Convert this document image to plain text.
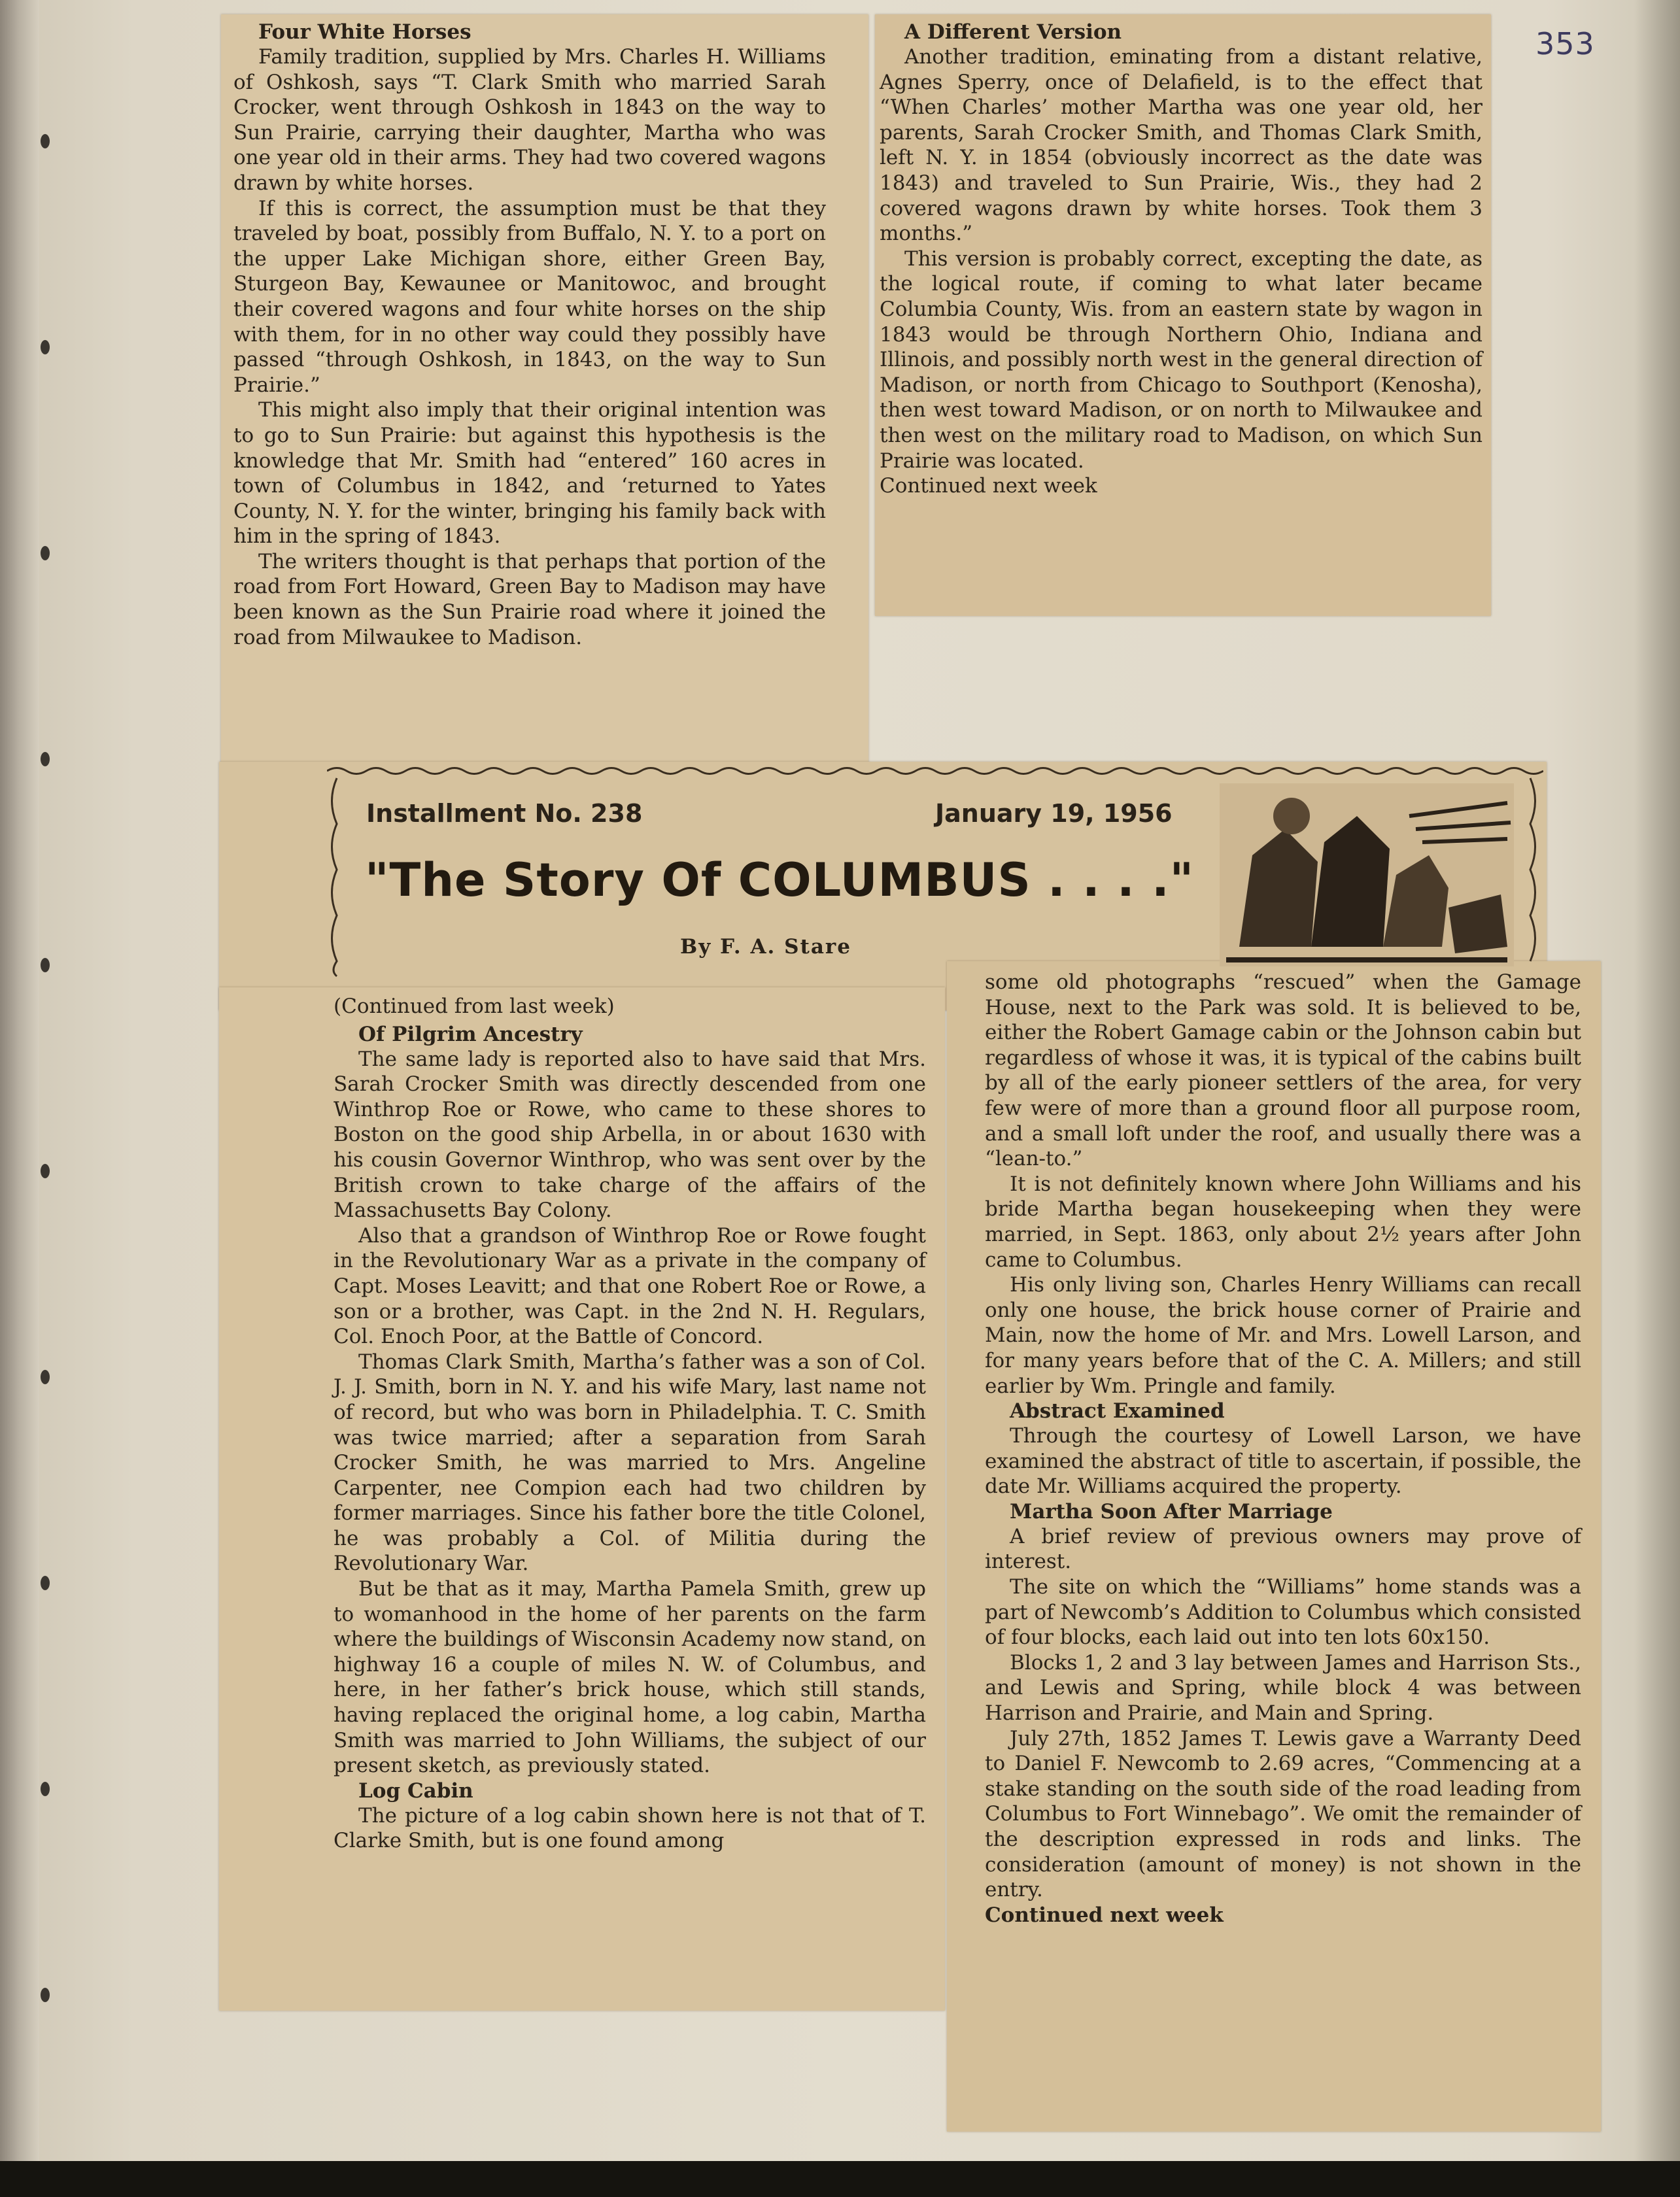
353

Four White Horses

Family tradition, supplied by Mrs. Charles H. Williams of Oshkosh, says “T. Clark Smith who married Sarah Crocker, went through Oshkosh in 1843 on the way to Sun Prairie, carrying their daughter, Martha who was one year old in their arms. They had two covered wagons drawn by white horses.

If this is correct, the assumption must be that they traveled by boat, possibly from Buffalo, N. Y. to a port on the upper Lake Michigan shore, either Green Bay, Sturgeon Bay, Kewaunee or Manitowoc, and brought their covered wagons and four white horses on the ship with them, for in no other way could they possibly have passed “through Oshkosh, in 1843, on the way to Sun Prairie.”

This might also imply that their original intention was to go to Sun Prairie: but against this hypothesis is the knowledge that Mr. Smith had “entered” 160 acres in town of Columbus in 1842, and ‘returned to Yates County, N. Y. for the winter, bringing his family back with him in the spring of 1843.

The writers thought is that perhaps that portion of the road from Fort Howard, Green Bay to Madison may have been known as the Sun Prairie road where it joined the road from Milwaukee to Madison.

A Different Version

Another tradition, eminating from a distant relative, Agnes Sperry, once of Delafield, is to the effect that “When Charles’ mother Martha was one year old, her parents, Sarah Crocker Smith, and Thomas Clark Smith, left N. Y. in 1854 (obviously incorrect as the date was 1843) and traveled to Sun Prairie, Wis., they had 2 covered wagons drawn by white horses. Took them 3 months.”

This version is probably correct, excepting the date, as the logical route, if coming to what later became Columbia County, Wis. from an eastern state by wagon in 1843 would be through Northern Ohio, Indiana and Illinois, and possibly north west in the general direction of Madison, or north from Chicago to Southport (Kenosha), then west toward Madison, or on north to Milwaukee and then west on the military road to Madison, on which Sun Prairie was located.

Continued next week

Installment No. 238	January 19, 1956
"The Story Of COLUMBUS . . . ."
By F. A. Stare

(Continued from last week)

Of Pilgrim Ancestry

The same lady is reported also to have said that Mrs. Sarah Crocker Smith was directly descended from one Winthrop Roe or Rowe, who came to these shores to Boston on the good ship Arbella, in or about 1630 with his cousin Governor Winthrop, who was sent over by the British crown to take charge of the affairs of the Massachusetts Bay Colony.

Also that a grandson of Winthrop Roe or Rowe fought in the Revolutionary War as a private in the company of Capt. Moses Leavitt; and that one Robert Roe or Rowe, a son or a brother, was Capt. in the 2nd N. H. Regulars, Col. Enoch Poor, at the Battle of Concord.

Thomas Clark Smith, Martha’s father was a son of Col. J. J. Smith, born in N. Y. and his wife Mary, last name not of record, but who was born in Philadelphia. T. C. Smith was twice married; after a separation from Sarah Crocker Smith, he was married to Mrs. Angeline Carpenter, nee Compion each had two children by former marriages. Since his father bore the title Colonel, he was probably a Col. of Militia during the Revolutionary War.

But be that as it may, Martha Pamela Smith, grew up to womanhood in the home of her parents on the farm where the buildings of Wisconsin Academy now stand, on highway 16 a couple of miles N. W. of Columbus, and here, in her father’s brick house, which still stands, having replaced the original home, a log cabin, Martha Smith was married to John Williams, the subject of our present sketch, as previously stated.

Log Cabin

The picture of a log cabin shown here is not that of T. Clarke Smith, but is one found among

some old photographs “rescued” when the Gamage House, next to the Park was sold. It is believed to be, either the Robert Gamage cabin or the Johnson cabin but regardless of whose it was, it is typical of the cabins built by all of the early pioneer settlers of the area, for very few were of more than a ground floor all purpose room, and a small loft under the roof, and usually there was a “lean-to.”

It is not definitely known where John Williams and his bride Martha began housekeeping when they were married, in Sept. 1863, only about 2½ years after John came to Columbus.

His only living son, Charles Henry Williams can recall only one house, the brick house corner of Prairie and Main, now the home of Mr. and Mrs. Lowell Larson, and for many years before that of the C. A. Millers; and still earlier by Wm. Pringle and family.

Abstract Examined

Through the courtesy of Lowell Larson, we have examined the abstract of title to ascertain, if possible, the date Mr. Williams acquired the property.

Martha Soon After Marriage

A brief review of previous owners may prove of interest.

The site on which the “Williams” home stands was a part of Newcomb’s Addition to Columbus which consisted of four blocks, each laid out into ten lots 60x150.

Blocks 1, 2 and 3 lay between James and Harrison Sts., and Lewis and Spring, while block 4 was between Harrison and Prairie, and Main and Spring.

July 27th, 1852 James T. Lewis gave a Warranty Deed to Daniel F. Newcomb to 2.69 acres, “Commencing at a stake standing on the south side of the road leading from Columbus to Fort Winnebago”. We omit the remainder of the description expressed in rods and links. The consideration (amount of money) is not shown in the entry.

Continued next week
